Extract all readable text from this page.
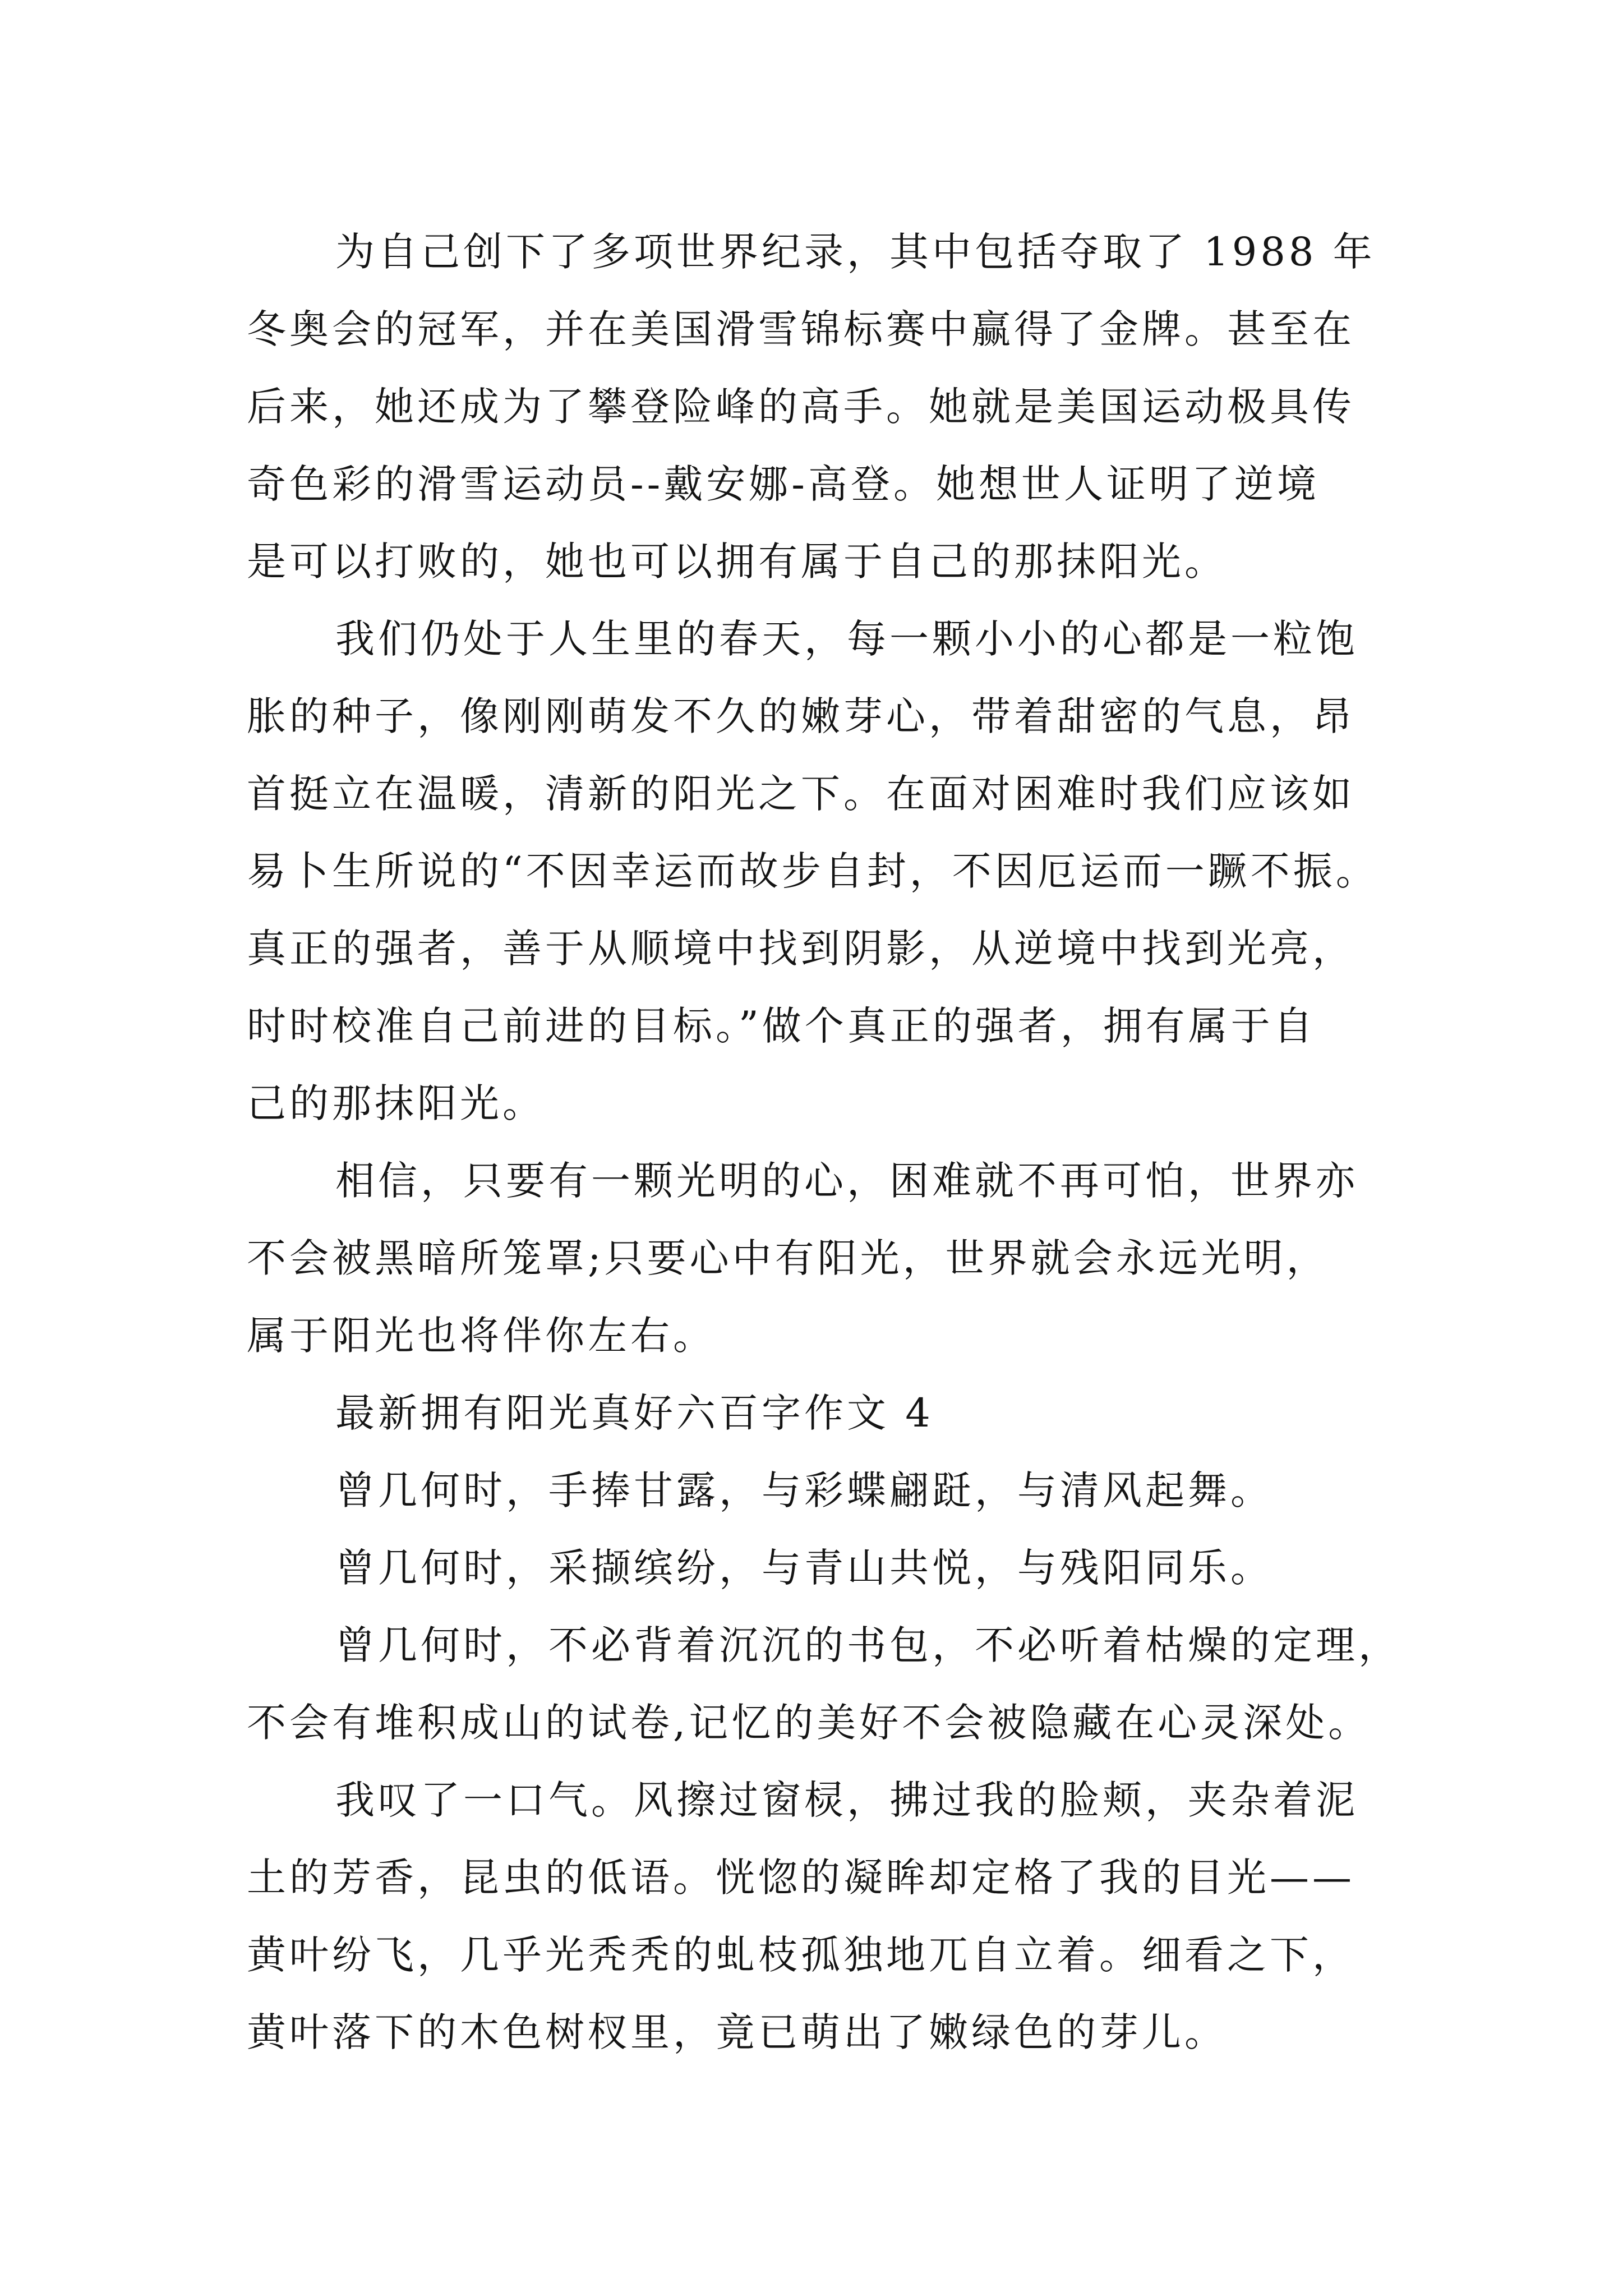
为自己创下了多项世界纪录，其中包括夺取了 1988 年
冬奥会的冠军，并在美国滑雪锦标赛中赢得了金牌。甚至在
后来，她还成为了攀登险峰的高手。她就是美国运动极具传
奇色彩的滑雪运动员--戴安娜-高登。她想世人证明了逆境
是可以打败的，她也可以拥有属于自己的那抹阳光。
我们仍处于人生里的春天，每一颗小小的心都是一粒饱
胀的种子，像刚刚萌发不久的嫩芽心，带着甜密的气息，昂
首挺立在温暖，清新的阳光之下。在面对困难时我们应该如
易卜生所说的“不因幸运而故步自封，不因厄运而一蹶不振。
真正的强者，善于从顺境中找到阴影，从逆境中找到光亮，
时时校准自己前进的目标。”做个真正的强者，拥有属于自
己的那抹阳光。
相信，只要有一颗光明的心，困难就不再可怕，世界亦
不会被黑暗所笼罩;只要心中有阳光，世界就会永远光明，
属于阳光也将伴你左右。
最新拥有阳光真好六百字作文 4
曾几何时，手捧甘露，与彩蝶翩跹，与清风起舞。
曾几何时，采撷缤纷，与青山共悦，与残阳同乐。
曾几何时，不必背着沉沉的书包，不必听着枯燥的定理，
不会有堆积成山的试卷,记忆的美好不会被隐藏在心灵深处。
我叹了一口气。风擦过窗棂，拂过我的脸颊，夹杂着泥
土的芳香，昆虫的低语。恍惚的凝眸却定格了我的目光——
黄叶纷飞，几乎光秃秃的虬枝孤独地兀自立着。细看之下，
黄叶落下的木色树杈里，竟已萌出了嫩绿色的芽儿。
